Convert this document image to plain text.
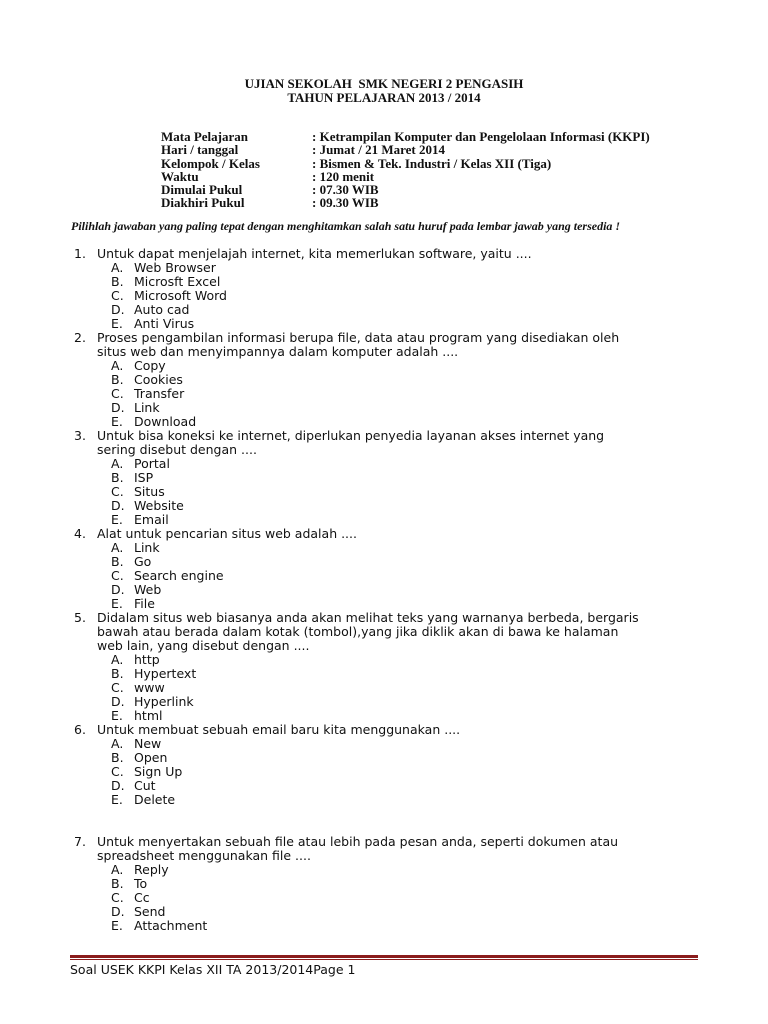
UJIAN SEKOLAH  SMK NEGERI 2 PENGASIH
TAHUN PELAJARAN 2013 / 2014
Mata Pelajaran	: Ketrampilan Komputer dan Pengelolaan Informasi (KKPI)
Hari / tanggal	: Jumat / 21 Maret 2014
Kelompok / Kelas	: Bismen & Tek. Industri / Kelas XII (Tiga)
Waktu	: 120 menit
Dimulai Pukul	: 07.30 WIB
Diakhiri Pukul	: 09.30 WIB
Pilihlah jawaban yang paling tepat dengan menghitamkan salah satu huruf pada lembar jawab yang tersedia !
1. Untuk dapat menjelajah internet, kita memerlukan software, yaitu ....
A. Web Browser
B. Microsft Excel
C. Microsoft Word
D. Auto cad
E. Anti Virus
2. Proses pengambilan informasi berupa file, data atau program yang disediakan oleh
situs web dan menyimpannya dalam komputer adalah ....
A. Copy
B. Cookies
C. Transfer
D. Link
E. Download
3. Untuk bisa koneksi ke internet, diperlukan penyedia layanan akses internet yang
sering disebut dengan ....
A. Portal
B. ISP
C. Situs
D. Website
E. Email
4. Alat untuk pencarian situs web adalah ....
A. Link
B. Go
C. Search engine
D. Web
E. File
5. Didalam situs web biasanya anda akan melihat teks yang warnanya berbeda, bergaris
bawah atau berada dalam kotak (tombol),yang jika diklik akan di bawa ke halaman
web lain, yang disebut dengan ....
A. http
B. Hypertext
C. www
D. Hyperlink
E. html
6. Untuk membuat sebuah email baru kita menggunakan ....
A. New
B. Open
C. Sign Up
D. Cut
E. Delete
7. Untuk menyertakan sebuah file atau lebih pada pesan anda, seperti dokumen atau
spreadsheet menggunakan file ....
A. Reply
B. To
C. Cc
D. Send
E. Attachment
Soal USEK KKPI Kelas XII TA 2013/2014Page 1
